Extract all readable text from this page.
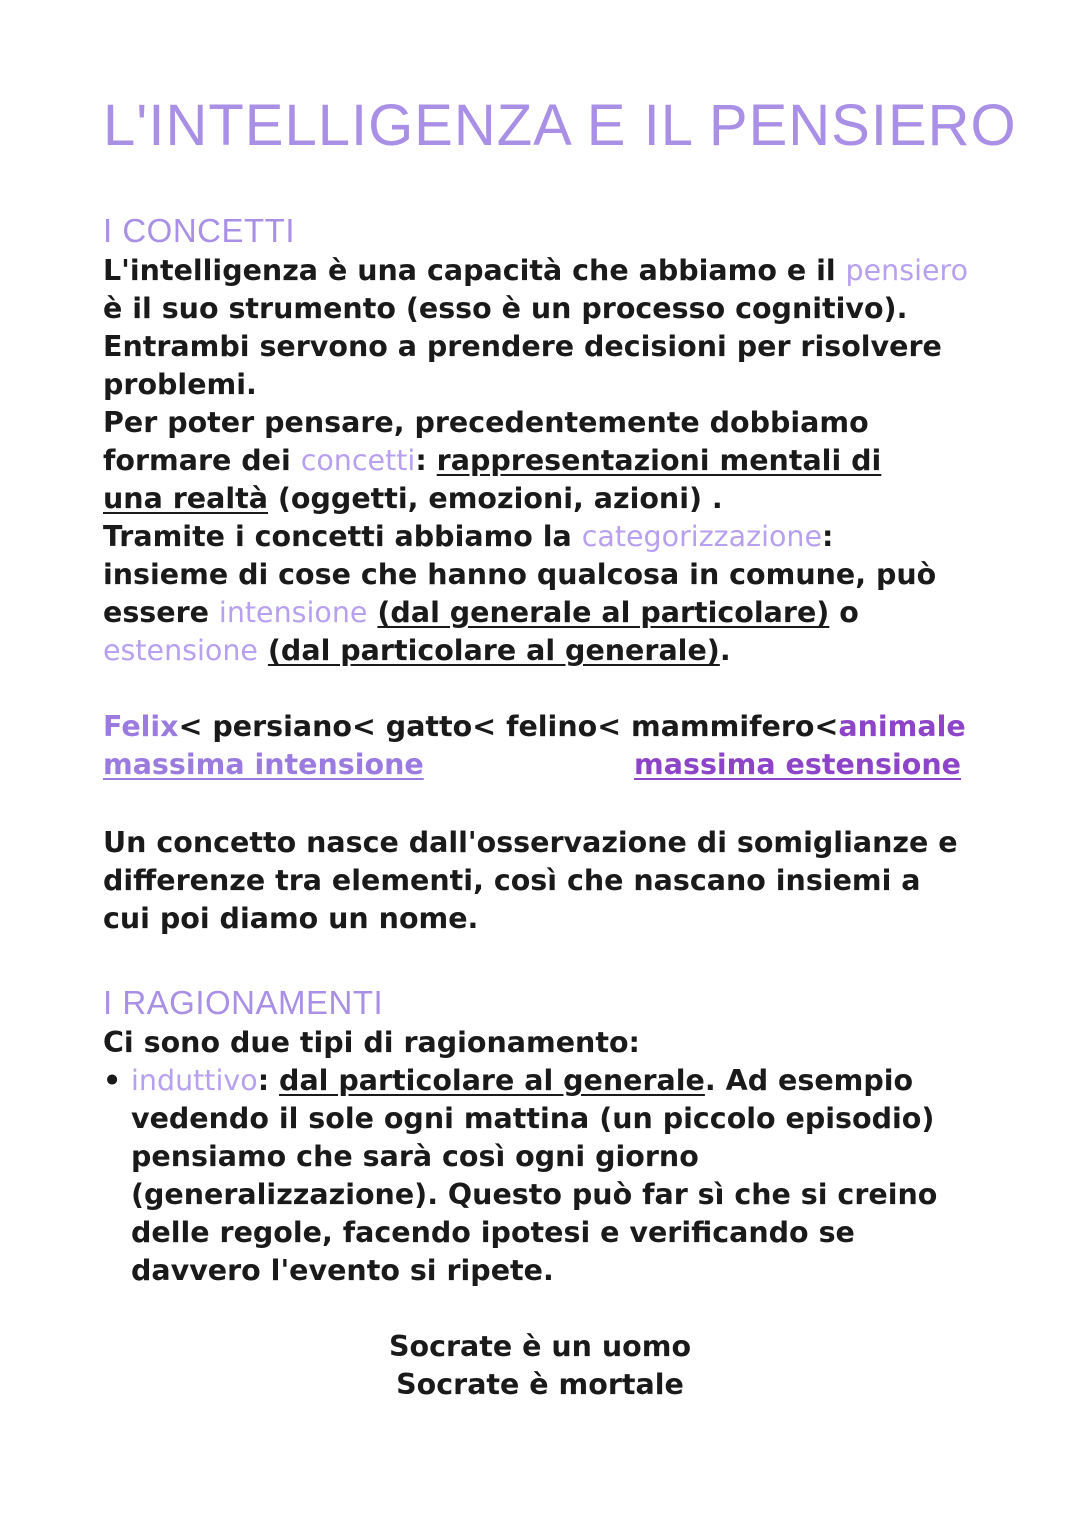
L'INTELLIGENZA E IL PENSIERO
I CONCETTI
L'intelligenza è una capacità che abbiamo e il pensiero
è il suo strumento (esso è un processo cognitivo).
Entrambi servono a prendere decisioni per risolvere
problemi.
Per poter pensare, precedentemente dobbiamo
formare dei concetti: rappresentazioni mentali di
una realtà (oggetti, emozioni, azioni) .
Tramite i concetti abbiamo la categorizzazione:
insieme di cose che hanno qualcosa in comune, può
essere intensione (dal generale al particolare) o
estensione (dal particolare al generale).
Felix< persiano< gatto< felino< mammifero<animale
massima intensione	massima estensione
Un concetto nasce dall'osservazione di somiglianze e
differenze tra elementi, così che nascano insiemi a
cui poi diamo un nome.
I RAGIONAMENTI
Ci sono due tipi di ragionamento:
• induttivo: dal particolare al generale. Ad esempio
vedendo il sole ogni mattina (un piccolo episodio)
pensiamo che sarà così ogni giorno
(generalizzazione). Questo può far sì che si creino
delle regole, facendo ipotesi e verificando se
davvero l'evento si ripete.
Socrate è un uomo
Socrate è mortale
